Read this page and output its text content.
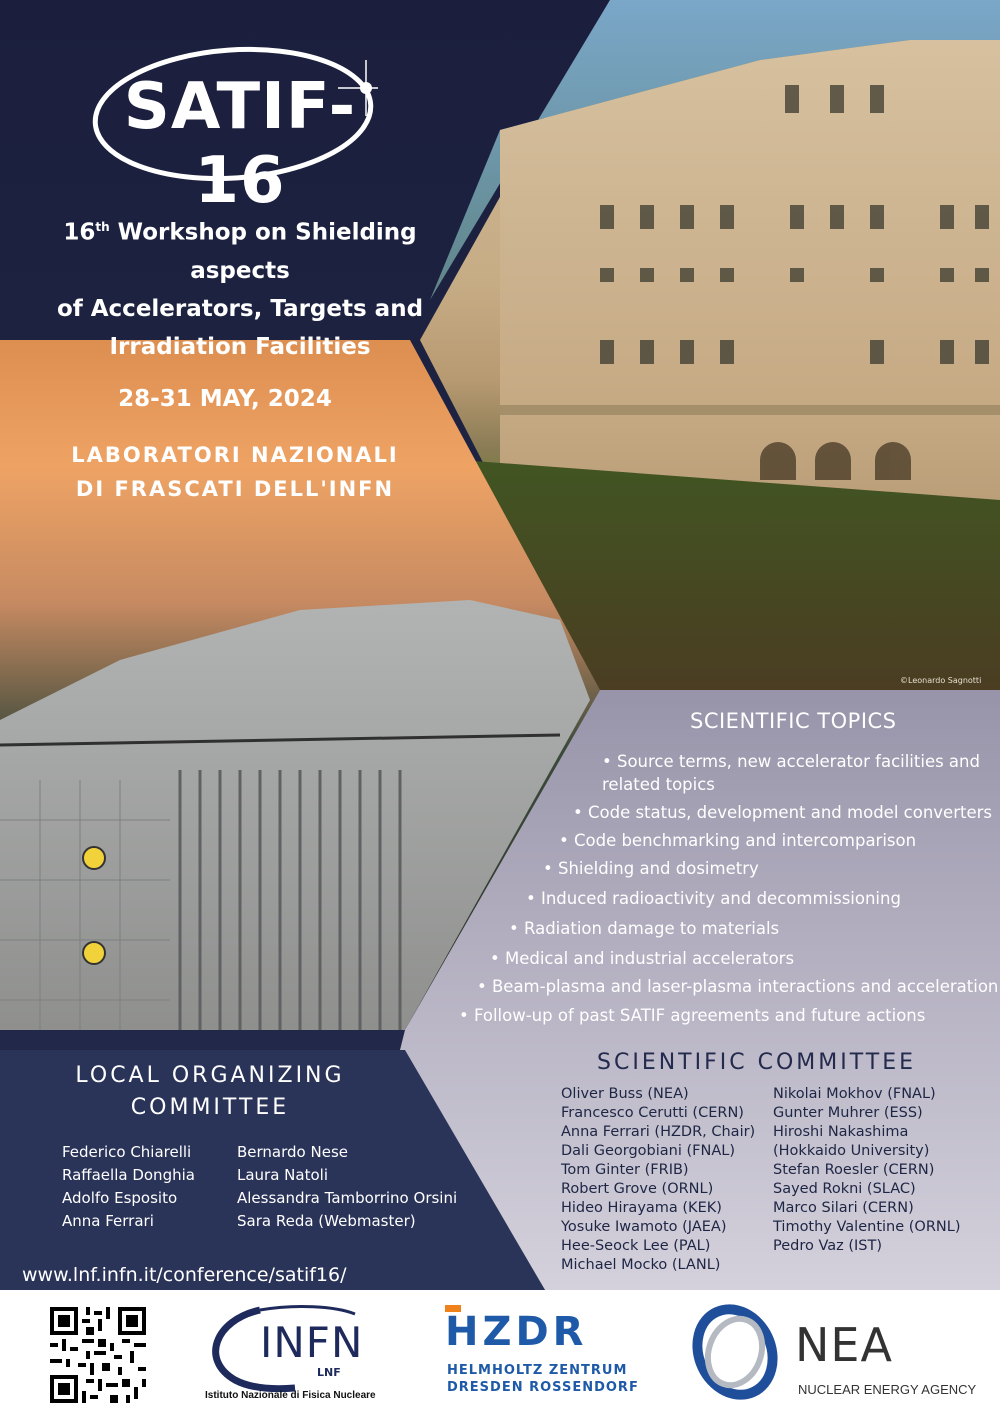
SATIF-16
16th Workshop on Shielding aspects
of Accelerators, Targets and
Irradiation Facilities
28-31 MAY, 2024
LABORATORI NAZIONALI
DI FRASCATI DELL'INFN
©Leonardo Sagnotti
SCIENTIFIC TOPICS
• Source terms, new accelerator facilities and
related topics
• Code status, development and model converters
• Code benchmarking and intercomparison
• Shielding and dosimetry
• Induced radioactivity and decommissioning
• Radiation damage to materials
• Medical and industrial accelerators
• Beam-plasma and laser-plasma interactions and acceleration
• Follow-up of past SATIF agreements and future actions
SCIENTIFIC COMMITTEE
Oliver Buss (NEA)
Francesco Cerutti (CERN)
Anna Ferrari (HZDR, Chair)
Dali Georgobiani (FNAL)
Tom Ginter (FRIB)
Robert Grove (ORNL)
Hideo Hirayama (KEK)
Yosuke Iwamoto (JAEA)
Hee-Seock Lee (PAL)
Michael Mocko (LANL)
Nikolai Mokhov (FNAL)
Gunter Muhrer (ESS)
Hiroshi Nakashima
(Hokkaido University)
Stefan Roesler (CERN)
Sayed Rokni (SLAC)
Marco Silari (CERN)
Timothy Valentine (ORNL)
Pedro Vaz (IST)
LOCAL ORGANIZING
COMMITTEE
Federico Chiarelli
Raffaella Donghia
Adolfo Esposito
Anna Ferrari
Bernardo Nese
Laura Natoli
Alessandra Tamborrino Orsini
Sara Reda (Webmaster)
www.lnf.infn.it/conference/satif16/
INFN
LNF
Istituto Nazionale di Fisica Nucleare
HZDR
HELMHOLTZ ZENTRUM
DRESDEN ROSSENDORF
NEA
NUCLEAR ENERGY AGENCY
